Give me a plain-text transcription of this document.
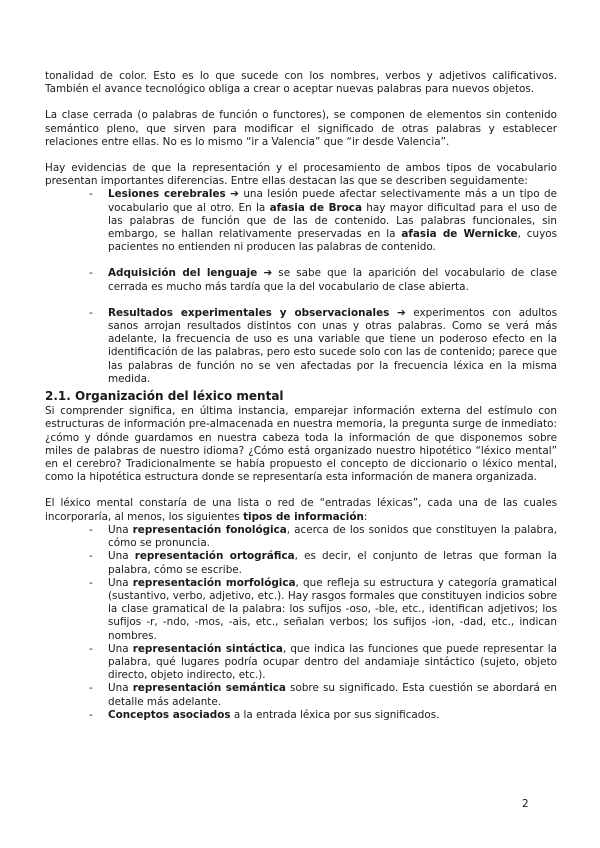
tonalidad de color. Esto es lo que sucede con los nombres, verbos y adjetivos calificativos. También el avance tecnológico obliga a crear o aceptar nuevas palabras para nuevos objetos.

La clase cerrada (o palabras de función o functores), se componen de elementos sin contenido semántico pleno, que sirven para modificar el significado de otras palabras y establecer relaciones entre ellas. No es lo mismo “ir a Valencia” que “ir desde Valencia”.

Hay evidencias de que la representación y el procesamiento de ambos tipos de vocabulario presentan importantes diferencias. Entre ellas destacan las que se describen seguidamente:

- Lesiones cerebrales ➔ una lesión puede afectar selectivamente más a un tipo de vocabulario que al otro. En la afasia de Broca hay mayor dificultad para el uso de las palabras de función que de las de contenido. Las palabras funcionales, sin embargo, se hallan relativamente preservadas en la afasia de Wernicke, cuyos pacientes no entienden ni producen las palabras de contenido.
- Adquisición del lenguaje ➔ se sabe que la aparición del vocabulario de clase cerrada es mucho más tardía que la del vocabulario de clase abierta.
- Resultados experimentales y observacionales ➔ experimentos con adultos sanos arrojan resultados distintos con unas y otras palabras. Como se verá más adelante, la frecuencia de uso es una variable que tiene un poderoso efecto en la identificación de las palabras, pero esto sucede solo con las de contenido; parece que las palabras de función no se ven afectadas por la frecuencia léxica en la misma medida.
2.1. Organización del léxico mental

Si comprender significa, en última instancia, emparejar información externa del estímulo con estructuras de información pre-almacenada en nuestra memoria, la pregunta surge de inmediato: ¿cómo y dónde guardamos en nuestra cabeza toda la información de que disponemos sobre miles de palabras de nuestro idioma? ¿Cómo está organizado nuestro hipotético “léxico mental” en el cerebro? Tradicionalmente se había propuesto el concepto de diccionario o léxico mental, como la hipotética estructura donde se representaría esta información de manera organizada.

El léxico mental constaría de una lista o red de “entradas léxicas”, cada una de las cuales incorporaría, al menos, los siguientes tipos de información:

- Una representación fonológica, acerca de los sonidos que constituyen la palabra, cómo se pronuncia.
- Una representación ortográfica, es decir, el conjunto de letras que forman la palabra, cómo se escribe.
- Una representación morfológica, que refleja su estructura y categoría gramatical (sustantivo, verbo, adjetivo, etc.). Hay rasgos formales que constituyen indicios sobre la clase gramatical de la palabra: los sufijos -oso, -ble, etc., identifican adjetivos; los sufijos -r, -ndo, -mos, -ais, etc., señalan verbos; los sufijos -ion, -dad, etc., indican nombres.
- Una representación sintáctica, que indica las funciones que puede representar la palabra, qué lugares podría ocupar dentro del andamiaje sintáctico (sujeto, objeto directo, objeto indirecto, etc.).
- Una representación semántica sobre su significado. Esta cuestión se abordará en detalle más adelante.
- Conceptos asociados a la entrada léxica por sus significados.
2
